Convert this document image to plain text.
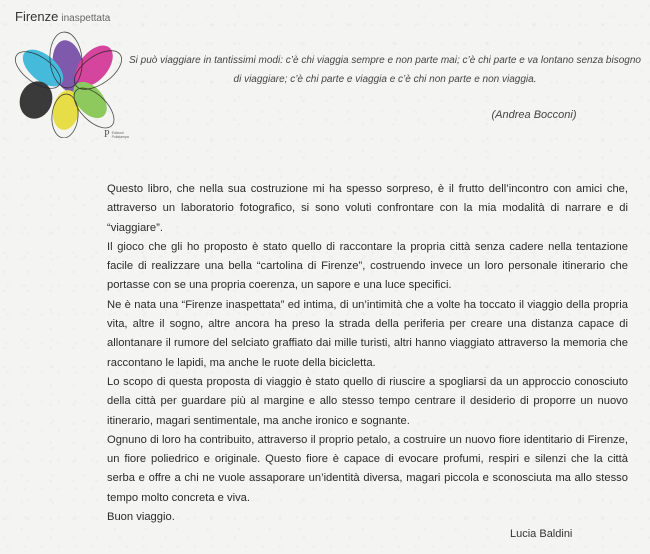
Firenze inaspettata
P Edizioni
Polistampa

Si può viaggiare in tantissimi modi: c’è chi viaggia sempre e non parte mai; c’è chi parte e va lontano senza bisogno di viaggiare; c’è chi parte e viaggia e c’è chi non parte e non viaggia.

(Andrea Bocconi)

Questo libro, che nella sua costruzione mi ha spesso sorpreso, è il frutto dell’incontro con amici che, attraverso un laboratorio fotografico, si sono voluti confrontare con la mia modalità di narrare e di “viaggiare”.

Il gioco che gli ho proposto è stato quello di raccontare la propria città senza cadere nella tentazione facile di realizzare una bella “cartolina di Firenze”, costruendo invece un loro personale itinerario che portasse con se una propria coerenza, un sapore e una luce specifici.

Ne è nata una “Firenze inaspettata” ed intima, di un’intimità che a volte ha toccato il viaggio della propria vita, altre il sogno, altre ancora ha preso la strada della periferia per creare una distanza capace di allontanare il rumore del selciato graffiato dai mille turisti, altri hanno viaggiato attraverso la memoria che raccontano le lapidi, ma anche le ruote della bicicletta.

Lo scopo di questa proposta di viaggio è stato quello di riuscire a spogliarsi da un approccio conosciuto della città per guardare più al margine e allo stesso tempo centrare il desiderio di proporre un nuovo itinerario, magari sentimentale, ma anche ironico e sognante.

Ognuno di loro ha contribuito, attraverso il proprio petalo, a costruire un nuovo fiore identitario di Firenze, un fiore poliedrico e originale. Questo fiore è capace di evocare profumi, respiri e silenzi che la città serba e offre a chi ne vuole assaporare un’identità diversa, magari piccola e sconosciuta ma allo stesso tempo molto concreta e viva.

Buon viaggio.

Lucia Baldini
